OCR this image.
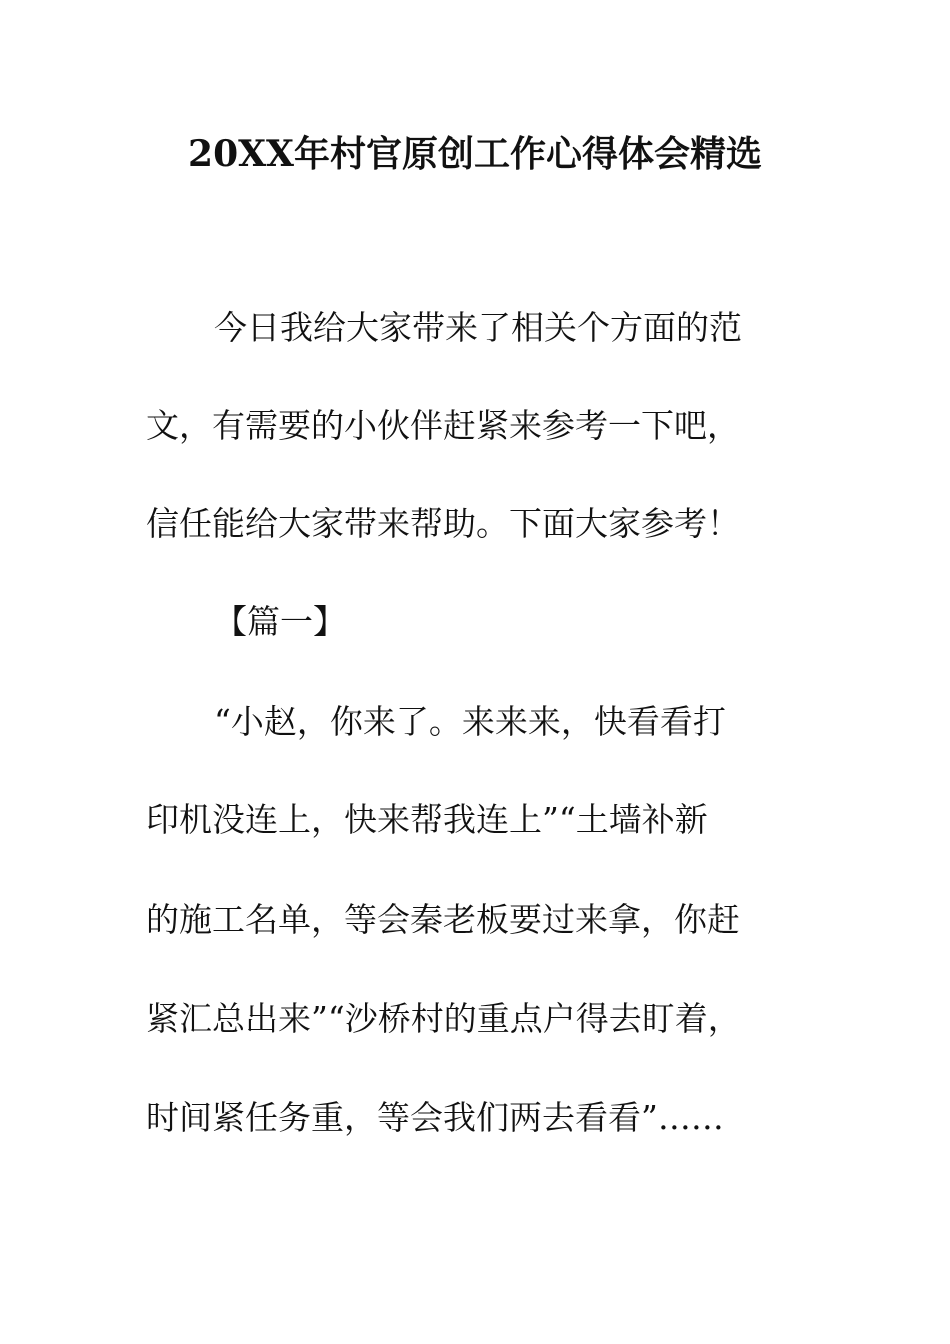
20XX年村官原创工作心得体会精选

今日我给大家带来了相关个方面的范

文，有需要的小伙伴赶紧来参考一下吧，

信任能给大家带来帮助。下面大家参考！

【篇一】

“小赵，你来了。来来来，快看看打

印机没连上，快来帮我连上”“土墙补新

的施工名单，等会秦老板要过来拿，你赶

紧汇总出来”“沙桥村的重点户得去盯着，

时间紧任务重，等会我们两去看看”……
